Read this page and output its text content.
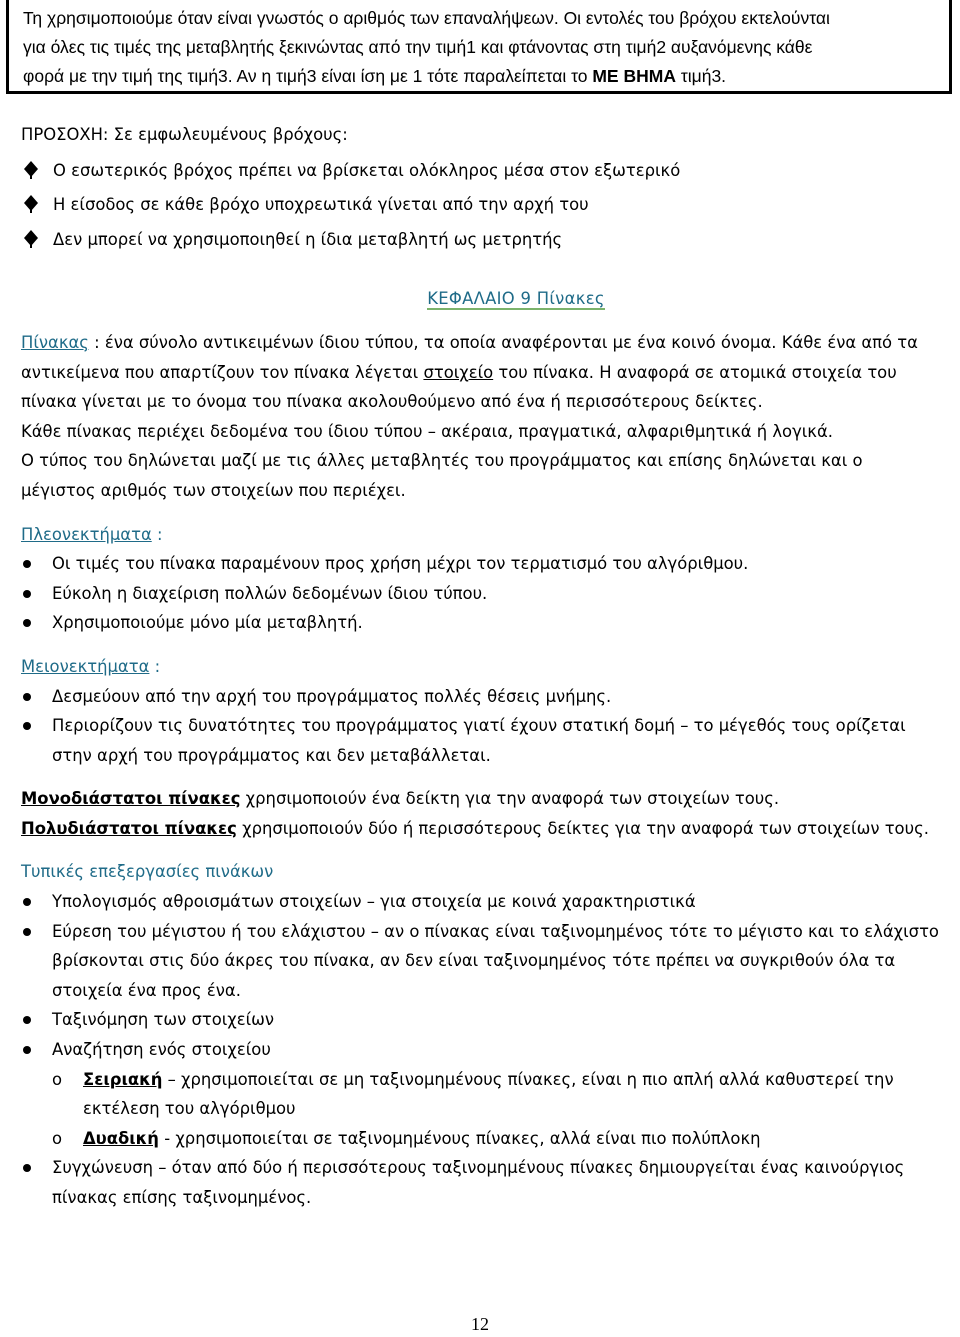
Τη χρησιμοποιούμε όταν είναι γνωστός ο αριθμός των επαναλήψεων. Οι εντολές του βρόχου εκτελούνται
για όλες τις τιμές της μεταβλητής ξεκινώντας από την τιμή1 και φτάνοντας στη τιμή2 αυξανόμενης κάθε
φορά με την τιμή της τιμή3. Αν η τιμή3 είναι ίση με 1 τότε παραλείπεται το ΜΕ ΒΗΜΑ τιμή3.

ΠΡΟΣΟΧΗ: Σε εμφωλευμένους βρόχους:

Ο εσωτερικός βρόχος πρέπει να βρίσκεται ολόκληρος μέσα στον εξωτερικό
Η είσοδος σε κάθε βρόχο υποχρεωτικά γίνεται από την αρχή του
Δεν μπορεί να χρησιμοποιηθεί η ίδια μεταβλητή ως μετρητής

ΚΕΦΑΛΑΙΟ 9 Πίνακες

Πίνακας : ένα σύνολο αντικειμένων ίδιου τύπου, τα οποία αναφέρονται με ένα κοινό όνομα. Κάθε ένα από τα αντικείμενα που απαρτίζουν τον πίνακα λέγεται στοιχείο του πίνακα. Η αναφορά σε ατομικά στοιχεία του πίνακα γίνεται με το όνομα του πίνακα ακολουθούμενο από ένα ή περισσότερους δείκτες.

Κάθε πίνακας περιέχει δεδομένα του ίδιου τύπου – ακέραια, πραγματικά, αλφαριθμητικά ή λογικά.

Ο τύπος του δηλώνεται μαζί με τις άλλες μεταβλητές του προγράμματος και επίσης δηλώνεται και ο μέγιστος αριθμός των στοιχείων που περιέχει.

Πλεονεκτήματα :

Οι τιμές του πίνακα παραμένουν προς χρήση μέχρι τον τερματισμό του αλγόριθμου.
Εύκολη η διαχείριση πολλών δεδομένων ίδιου τύπου.
Χρησιμοποιούμε μόνο μία μεταβλητή.

Μειονεκτήματα :

Δεσμεύουν από την αρχή του προγράμματος πολλές θέσεις μνήμης.
Περιορίζουν τις δυνατότητες του προγράμματος γιατί έχουν στατική δομή – το μέγεθός τους ορίζεται στην αρχή του προγράμματος και δεν μεταβάλλεται.

Μονοδιάστατοι πίνακες χρησιμοποιούν ένα δείκτη για την αναφορά των στοιχείων τους.

Πολυδιάστατοι πίνακες χρησιμοποιούν δύο ή περισσότερους δείκτες για την αναφορά των στοιχείων τους.

Τυπικές επεξεργασίες πινάκων

Υπολογισμός αθροισμάτων στοιχείων – για στοιχεία με κοινά χαρακτηριστικά
Εύρεση του μέγιστου ή του ελάχιστου – αν ο πίνακας είναι ταξινομημένος τότε το μέγιστο και το ελάχιστο βρίσκονται στις δύο άκρες του πίνακα, αν δεν είναι ταξινομημένος τότε πρέπει να συγκριθούν όλα τα στοιχεία ένα προς ένα.
Ταξινόμηση των στοιχείων
Αναζήτηση ενός στοιχείου
o Σειριακή – χρησιμοποιείται σε μη ταξινομημένους πίνακες, είναι η πιο απλή αλλά καθυστερεί την εκτέλεση του αλγόριθμου
o Δυαδική - χρησιμοποιείται σε ταξινομημένους πίνακες, αλλά είναι πιο πολύπλοκη
Συγχώνευση – όταν από δύο ή περισσότερους ταξινομημένους πίνακες δημιουργείται ένας καινούργιος πίνακας επίσης ταξινομημένος.
12
